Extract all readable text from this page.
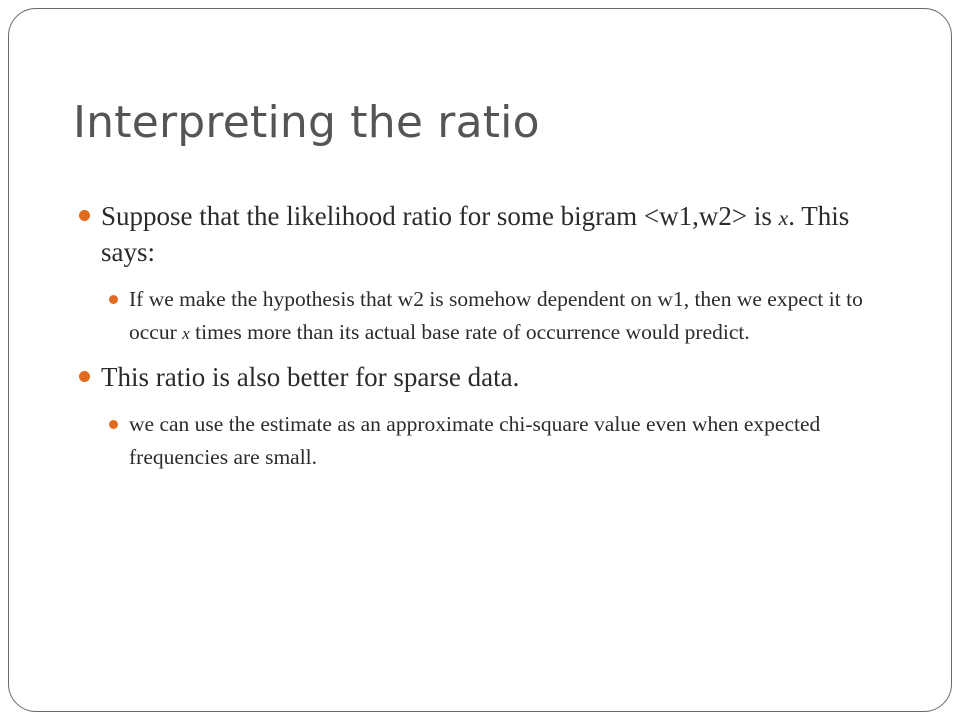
Interpreting the ratio

Suppose that the likelihood ratio for some bigram <w1,w2> is x. This says:

If we make the hypothesis that w2 is somehow dependent on w1, then we expect it to occur x times more than its actual base rate of occurrence would predict.

This ratio is also better for sparse data.

we can use the estimate as an approximate chi-square value even when expected frequencies are small.
